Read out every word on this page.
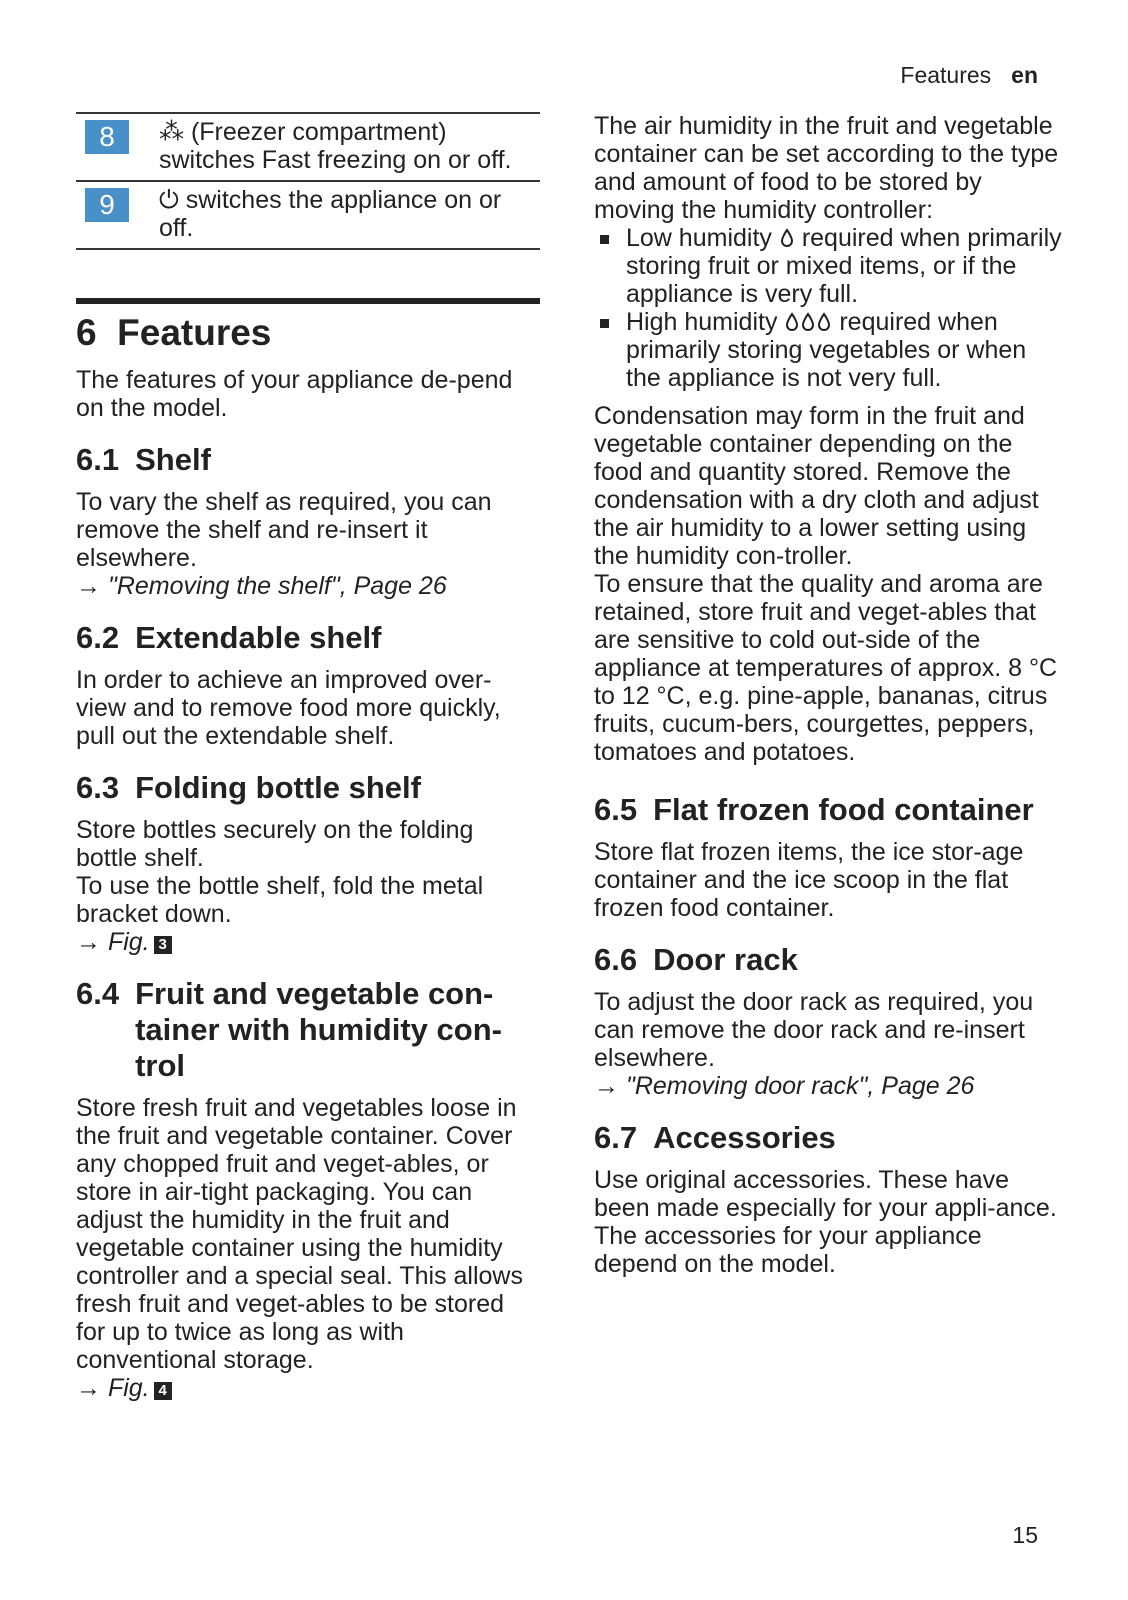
Features en
8	⁂ (Freezer compartment) switches Fast freezing on or off.
9	⏻ switches the appliance on or off.
6 Features

The features of your appliance de-pend on the model.

6.1 Shelf

To vary the shelf as required, you can remove the shelf and re-insert it elsewhere.

→ "Removing the shelf", Page 26

6.2 Extendable shelf

In order to achieve an improved over-view and to remove food more quickly, pull out the extendable shelf.

6.3 Folding bottle shelf

Store bottles securely on the folding bottle shelf.

To use the bottle shelf, fold the metal bracket down.

→ Fig. 3

6.4 Fruit and vegetable con-tainer with humidity con-trol

Store fresh fruit and vegetables loose in the fruit and vegetable container. Cover any chopped fruit and veget-ables, or store in air-tight packaging. You can adjust the humidity in the fruit and vegetable container using the humidity controller and a special seal. This allows fresh fruit and veget-ables to be stored for up to twice as long as with conventional storage.

→ Fig. 4

The air humidity in the fruit and vegetable container can be set according to the type and amount of food to be stored by moving the humidity controller:

Low humidity required when primarily storing fruit or mixed items, or if the appliance is very full.
High humidity required when primarily storing vegetables or when the appliance is not very full.

Condensation may form in the fruit and vegetable container depending on the food and quantity stored. Remove the condensation with a dry cloth and adjust the air humidity to a lower setting using the humidity con-troller.

To ensure that the quality and aroma are retained, store fruit and veget-ables that are sensitive to cold out-side of the appliance at temperatures of approx. 8 °C to 12 °C, e.g. pine-apple, bananas, citrus fruits, cucum-bers, courgettes, peppers, tomatoes and potatoes.

6.5 Flat frozen food container

Store flat frozen items, the ice stor-age container and the ice scoop in the flat frozen food container.

6.6 Door rack

To adjust the door rack as required, you can remove the door rack and re-insert elsewhere.

→ "Removing door rack", Page 26

6.7 Accessories

Use original accessories. These have been made especially for your appli-ance.

The accessories for your appliance depend on the model.

15
